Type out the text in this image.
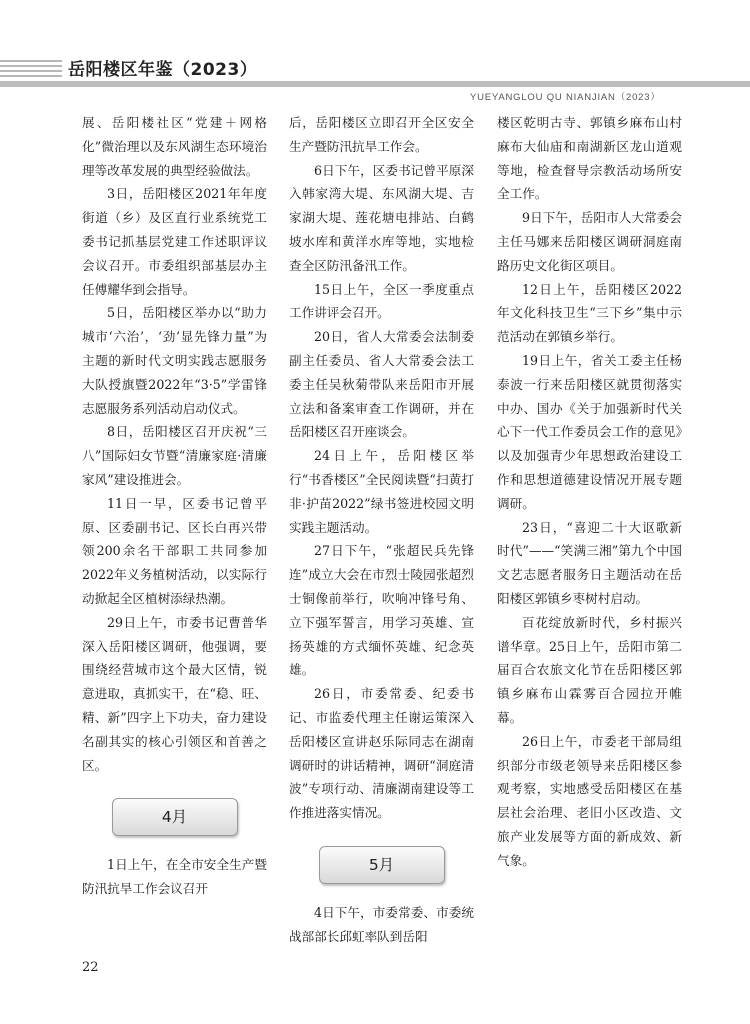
岳阳楼区年鉴（2023）
YUEYANGLOU QU NIANJIAN（2023）

展、岳阳楼社区“党建＋网格化”微治理以及东风湖生态环境治理等改革发展的典型经验做法。

3日，岳阳楼区2021年年度街道（乡）及区直行业系统党工委书记抓基层党建工作述职评议会议召开。市委组织部基层办主任傅耀华到会指导。

5日，岳阳楼区举办以“助力城市‘六治’，‘劲’显先锋力量”为主题的新时代文明实践志愿服务大队授旗暨2022年“3·5”学雷锋志愿服务系列活动启动仪式。

8日，岳阳楼区召开庆祝“三八”国际妇女节暨“清廉家庭·清廉家风”建设推进会。

11日一早，区委书记曾平原、区委副书记、区长白再兴带领200余名干部职工共同参加2022年义务植树活动，以实际行动掀起全区植树添绿热潮。

29日上午，市委书记曹普华深入岳阳楼区调研，他强调，要围绕经营城市这个最大区情，锐意进取，真抓实干，在“稳、旺、精、新”四字上下功夫，奋力建设名副其实的核心引领区和首善之区。

4月

1日上午，在全市安全生产暨防汛抗旱工作会议召开

后，岳阳楼区立即召开全区安全生产暨防汛抗旱工作会。

6日下午，区委书记曾平原深入韩家湾大堤、东风湖大堤、吉家湖大堤、莲花塘电排站、白鹤坡水库和黄洋水库等地，实地检查全区防汛备汛工作。

15日上午，全区一季度重点工作讲评会召开。

20日，省人大常委会法制委副主任委员、省人大常委会法工委主任吴秋菊带队来岳阳市开展立法和备案审查工作调研，并在岳阳楼区召开座谈会。

24日上午，岳阳楼区举行“书香楼区”全民阅读暨“扫黄打非·护苗2022”绿书签进校园文明实践主题活动。

27日下午，“张超民兵先锋连”成立大会在市烈士陵园张超烈士铜像前举行，吹响冲锋号角、立下强军誓言，用学习英雄、宣扬英雄的方式缅怀英雄、纪念英雄。

26日，市委常委、纪委书记、市监委代理主任谢运策深入岳阳楼区宣讲赵乐际同志在湖南调研时的讲话精神，调研“洞庭清波”专项行动、清廉湖南建设等工作推进落实情况。

5月

4日下午，市委常委、市委统战部部长邱虹率队到岳阳

楼区乾明古寺、郭镇乡麻布山村麻布大仙庙和南湖新区龙山道观等地，检查督导宗教活动场所安全工作。

9日下午，岳阳市人大常委会主任马娜来岳阳楼区调研洞庭南路历史文化街区项目。

12日上午，岳阳楼区2022年文化科技卫生“三下乡”集中示范活动在郭镇乡举行。

19日上午，省关工委主任杨泰波一行来岳阳楼区就贯彻落实中办、国办《关于加强新时代关心下一代工作委员会工作的意见》以及加强青少年思想政治建设工作和思想道德建设情况开展专题调研。

23日，“喜迎二十大讴歌新时代”——“笑满三湘”第九个中国文艺志愿者服务日主题活动在岳阳楼区郭镇乡枣树村启动。

百花绽放新时代，乡村振兴谱华章。25日上午，岳阳市第二届百合农旅文化节在岳阳楼区郭镇乡麻布山霖雾百合园拉开帷幕。

26日上午，市委老干部局组织部分市级老领导来岳阳楼区参观考察，实地感受岳阳楼区在基层社会治理、老旧小区改造、文旅产业发展等方面的新成效、新气象。

22
